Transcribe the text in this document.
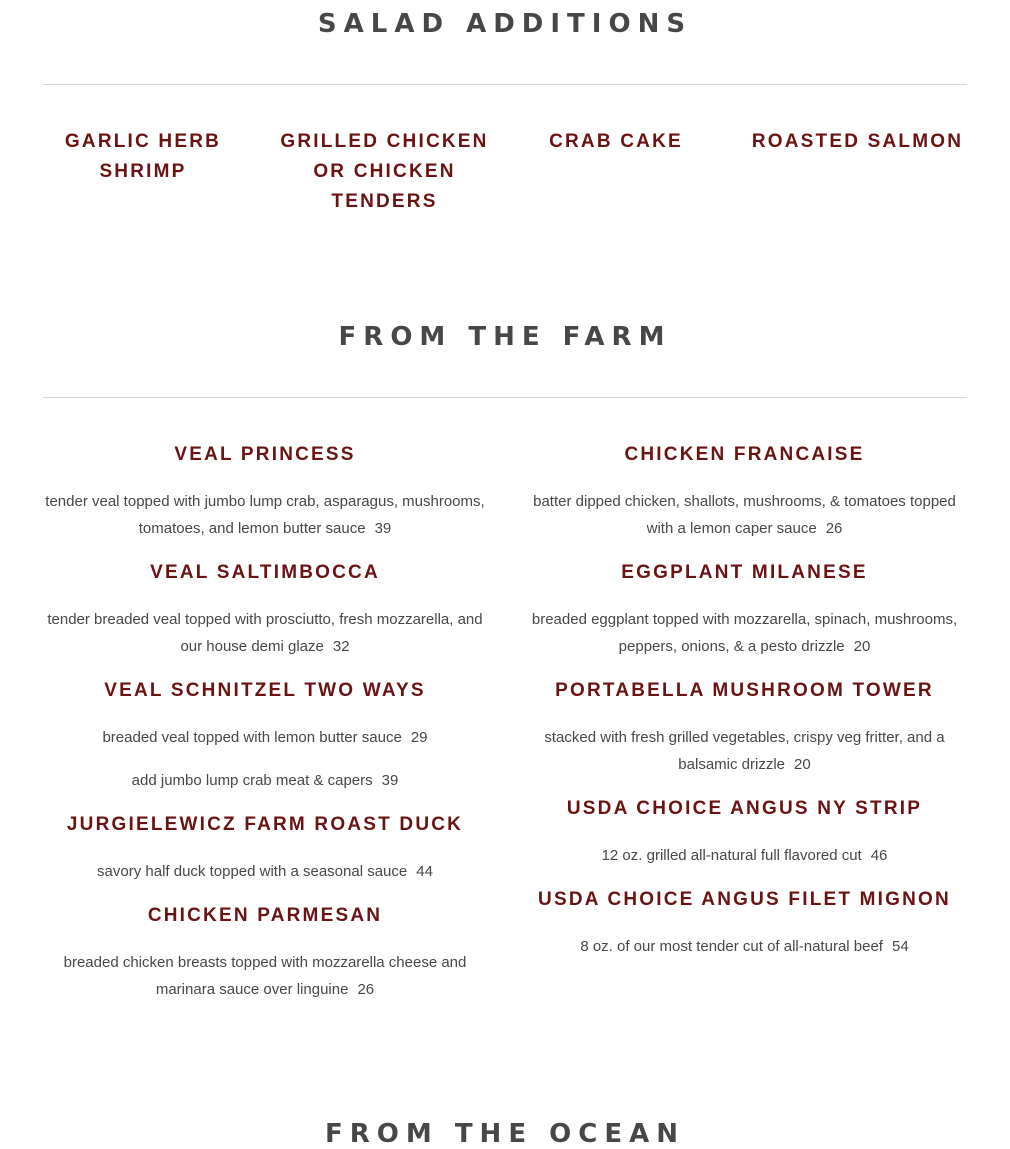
SALAD ADDITIONS
GARLIC HERB
SHRIMP
GRILLED CHICKEN
OR CHICKEN
TENDERS
CRAB CAKE	ROASTED SALMON
FROM THE FARM
VEAL PRINCESS
tender veal topped with jumbo lump crab, asparagus, mushrooms, tomatoes, and lemon butter sauce 39
VEAL SALTIMBOCCA
tender breaded veal topped with prosciutto, fresh mozzarella, and our house demi glaze 32
VEAL SCHNITZEL TWO WAYS
breaded veal topped with lemon butter sauce 29
add jumbo lump crab meat & capers 39
JURGIELEWICZ FARM ROAST DUCK
savory half duck topped with a seasonal sauce 44
CHICKEN PARMESAN
breaded chicken breasts topped with mozzarella cheese and marinara sauce over linguine 26
CHICKEN FRANCAISE
batter dipped chicken, shallots, mushrooms, & tomatoes topped with a lemon caper sauce 26
EGGPLANT MILANESE
breaded eggplant topped with mozzarella, spinach, mushrooms, peppers, onions, & a pesto drizzle 20
PORTABELLA MUSHROOM TOWER
stacked with fresh grilled vegetables, crispy veg fritter, and a balsamic drizzle 20
USDA CHOICE ANGUS NY STRIP
12 oz. grilled all-natural full flavored cut 46
USDA CHOICE ANGUS FILET MIGNON
8 oz. of our most tender cut of all-natural beef 54
FROM THE OCEAN
